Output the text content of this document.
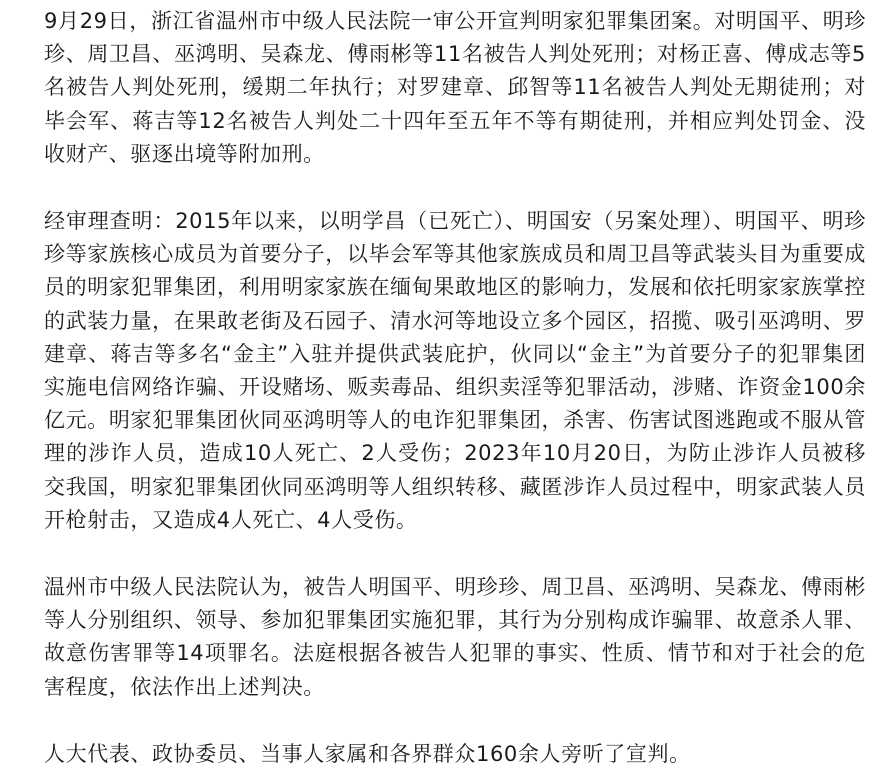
9月29日，浙江省温州市中级人民法院一审公开宣判明家犯罪集团案。对明国平、明珍珍、周卫昌、巫鸿明、吴森龙、傅雨彬等11名被告人判处死刑；对杨正喜、傅成志等5名被告人判处死刑，缓期二年执行；对罗建章、邱智等11名被告人判处无期徒刑；对毕会军、蒋吉等12名被告人判处二十四年至五年不等有期徒刑，并相应判处罚金、没收财产、驱逐出境等附加刑。

经审理查明：2015年以来，以明学昌（已死亡）、明国安（另案处理）、明国平、明珍珍等家族核心成员为首要分子，以毕会军等其他家族成员和周卫昌等武装头目为重要成员的明家犯罪集团，利用明家家族在缅甸果敢地区的影响力，发展和依托明家家族掌控的武装力量，在果敢老街及石园子、清水河等地设立多个园区，招揽、吸引巫鸿明、罗建章、蒋吉等多名“金主”入驻并提供武装庇护，伙同以“金主”为首要分子的犯罪集团实施电信网络诈骗、开设赌场、贩卖毒品、组织卖淫等犯罪活动，涉赌、诈资金100余亿元。明家犯罪集团伙同巫鸿明等人的电诈犯罪集团，杀害、伤害试图逃跑或不服从管理的涉诈人员，造成10人死亡、2人受伤；2023年10月20日，为防止涉诈人员被移交我国，明家犯罪集团伙同巫鸿明等人组织转移、藏匿涉诈人员过程中，明家武装人员开枪射击，又造成4人死亡、4人受伤。

温州市中级人民法院认为，被告人明国平、明珍珍、周卫昌、巫鸿明、吴森龙、傅雨彬等人分别组织、领导、参加犯罪集团实施犯罪，其行为分别构成诈骗罪、故意杀人罪、故意伤害罪等14项罪名。法庭根据各被告人犯罪的事实、性质、情节和对于社会的危害程度，依法作出上述判决。

人大代表、政协委员、当事人家属和各界群众160余人旁听了宣判。
